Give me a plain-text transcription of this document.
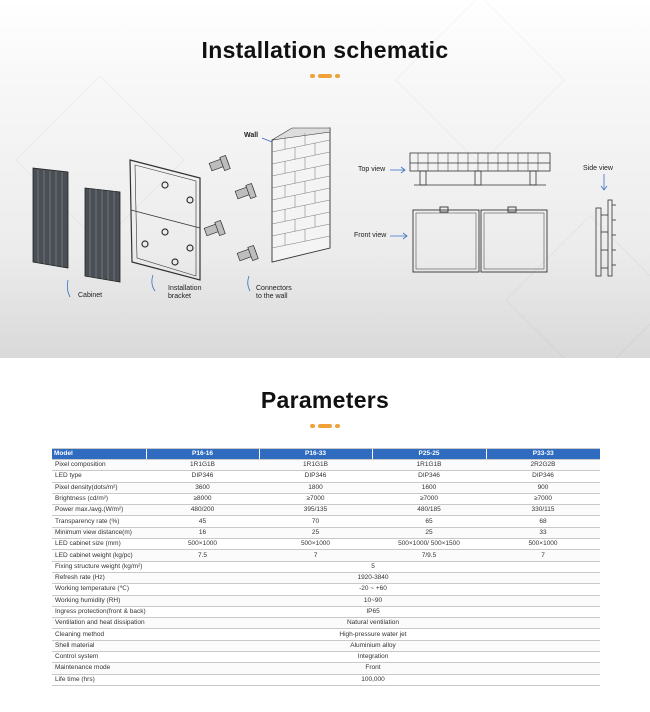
Installation schematic
Wall
Top view
Front view
Side view
Cabinet
Installation
bracket
Connectors
to the wall
Parameters
Model	P16-16	P16-33	P25-25	P33-33
Pixel composition	1R1G1B	1R1G1B	1R1G1B	2R2G2B
LED type	DIP346	DIP346	DIP346	DIP346
Pixel density(dots/m²)	3600	1800	1600	900
Brightness (cd/m²)	≥8000	≥7000	≥7000	≥7000
Power max./avg.(W/m²)	480/200	395/135	480/185	330/115
Transparency rate (%)	45	70	65	68
Minimum view distance(m)	16	25	25	33
LED cabinet size (mm)	500×1000	500×1000	500×1000/ 500×1500	500×1000
LED cabinet weight (kg/pc)	7.5	7	7/9.5	7
Fixing structure weight (kg/m²)	5			
Refresh rate (Hz)	1920-3840			
Working temperature (℃)	-20 ~ +60			
Working humidity (RH)	10~90			
Ingress protection(front & back)	IP65			
Ventilation and heat dissipation	Natural ventilation			
Cleaning method	High-pressure water jet			
Shell material	Aluminium alloy			
Control system	Integration			
Maintenance mode	Front			
Life time (hrs)	100,000			
